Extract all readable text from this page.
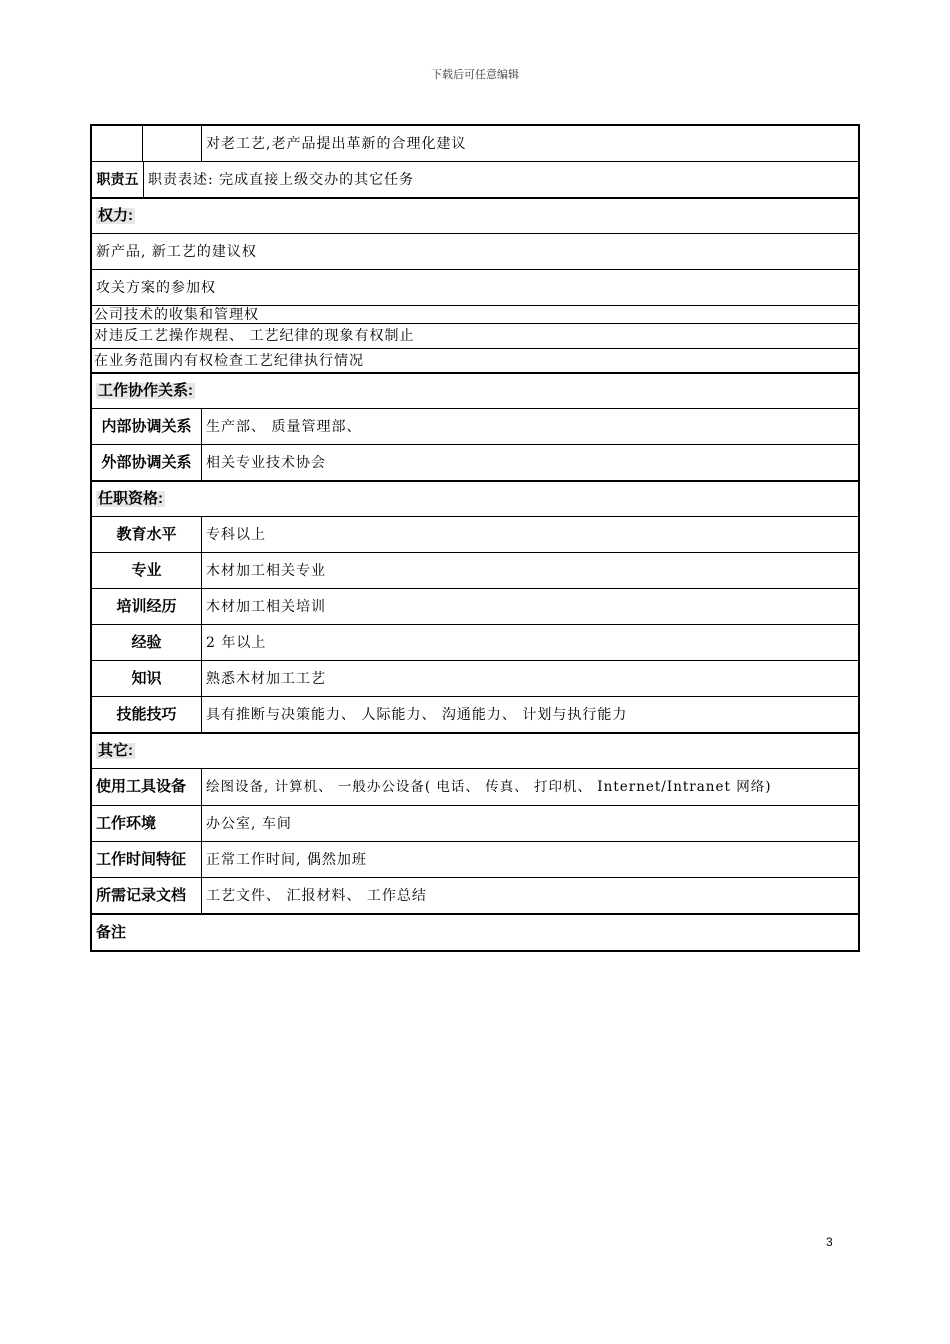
下载后可任意编辑
对老工艺,老产品提出革新的合理化建议
职责五 职责表述: 完成直接上级交办的其它任务
权力:
新产品, 新工艺的建议权
攻关方案的参加权
公司技术的收集和管理权
对违反工艺操作规程、 工艺纪律的现象有权制止
在业务范围内有权检查工艺纪律执行情况
工作协作关系:
内部协调关系	生产部、 质量管理部、
外部协调关系	相关专业技术协会
任职资格:
教育水平	专科以上
专业	木材加工相关专业
培训经历	木材加工相关培训
经验	2 年以上
知识	熟悉木材加工工艺
技能技巧	具有推断与决策能力、 人际能力、 沟通能力、 计划与执行能力
其它:
使用工具设备	绘图设备, 计算机、 一般办公设备( 电话、 传真、 打印机、 Internet/Intranet 网络)
工作环境	办公室, 车间
工作时间特征	正常工作时间, 偶然加班
所需记录文档	工艺文件、 汇报材料、 工作总结
备注
3
